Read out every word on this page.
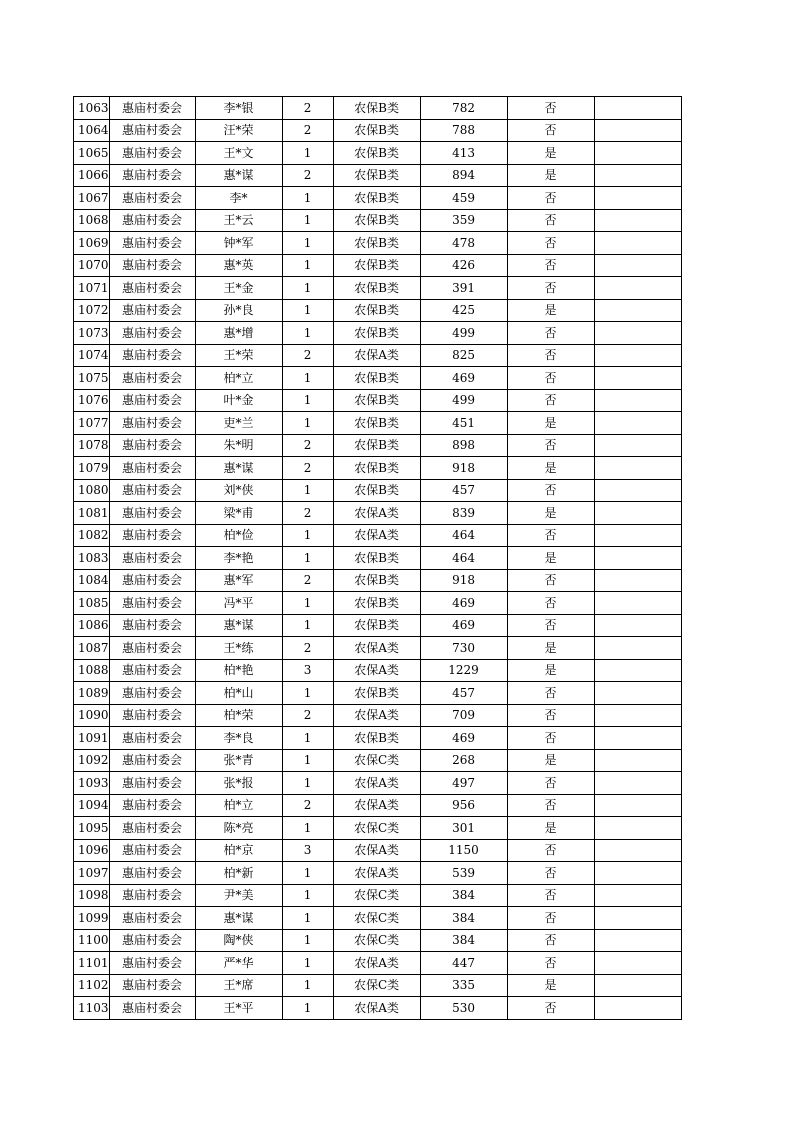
1063	惠庙村委会	李*银	2	农保B类	782	否	
1064	惠庙村委会	汪*荣	2	农保B类	788	否	
1065	惠庙村委会	王*文	1	农保B类	413	是	
1066	惠庙村委会	惠*谋	2	农保B类	894	是	
1067	惠庙村委会	李*	1	农保B类	459	否	
1068	惠庙村委会	王*云	1	农保B类	359	否	
1069	惠庙村委会	钟*军	1	农保B类	478	否	
1070	惠庙村委会	惠*英	1	农保B类	426	否	
1071	惠庙村委会	王*金	1	农保B类	391	否	
1072	惠庙村委会	孙*良	1	农保B类	425	是	
1073	惠庙村委会	惠*增	1	农保B类	499	否	
1074	惠庙村委会	王*荣	2	农保A类	825	否	
1075	惠庙村委会	柏*立	1	农保B类	469	否	
1076	惠庙村委会	叶*金	1	农保B类	499	否	
1077	惠庙村委会	吏*兰	1	农保B类	451	是	
1078	惠庙村委会	朱*明	2	农保B类	898	否	
1079	惠庙村委会	惠*谋	2	农保B类	918	是	
1080	惠庙村委会	刘*侠	1	农保B类	457	否	
1081	惠庙村委会	梁*甫	2	农保A类	839	是	
1082	惠庙村委会	柏*俭	1	农保A类	464	否	
1083	惠庙村委会	李*艳	1	农保B类	464	是	
1084	惠庙村委会	惠*军	2	农保B类	918	否	
1085	惠庙村委会	冯*平	1	农保B类	469	否	
1086	惠庙村委会	惠*谋	1	农保B类	469	否	
1087	惠庙村委会	王*练	2	农保A类	730	是	
1088	惠庙村委会	柏*艳	3	农保A类	1229	是	
1089	惠庙村委会	柏*山	1	农保B类	457	否	
1090	惠庙村委会	柏*荣	2	农保A类	709	否	
1091	惠庙村委会	李*良	1	农保B类	469	否	
1092	惠庙村委会	张*青	1	农保C类	268	是	
1093	惠庙村委会	张*报	1	农保A类	497	否	
1094	惠庙村委会	柏*立	2	农保A类	956	否	
1095	惠庙村委会	陈*亮	1	农保C类	301	是	
1096	惠庙村委会	柏*京	3	农保A类	1150	否	
1097	惠庙村委会	柏*新	1	农保A类	539	否	
1098	惠庙村委会	尹*美	1	农保C类	384	否	
1099	惠庙村委会	惠*谋	1	农保C类	384	否	
1100	惠庙村委会	陶*侠	1	农保C类	384	否	
1101	惠庙村委会	严*华	1	农保A类	447	否	
1102	惠庙村委会	王*席	1	农保C类	335	是	
1103	惠庙村委会	王*平	1	农保A类	530	否	
